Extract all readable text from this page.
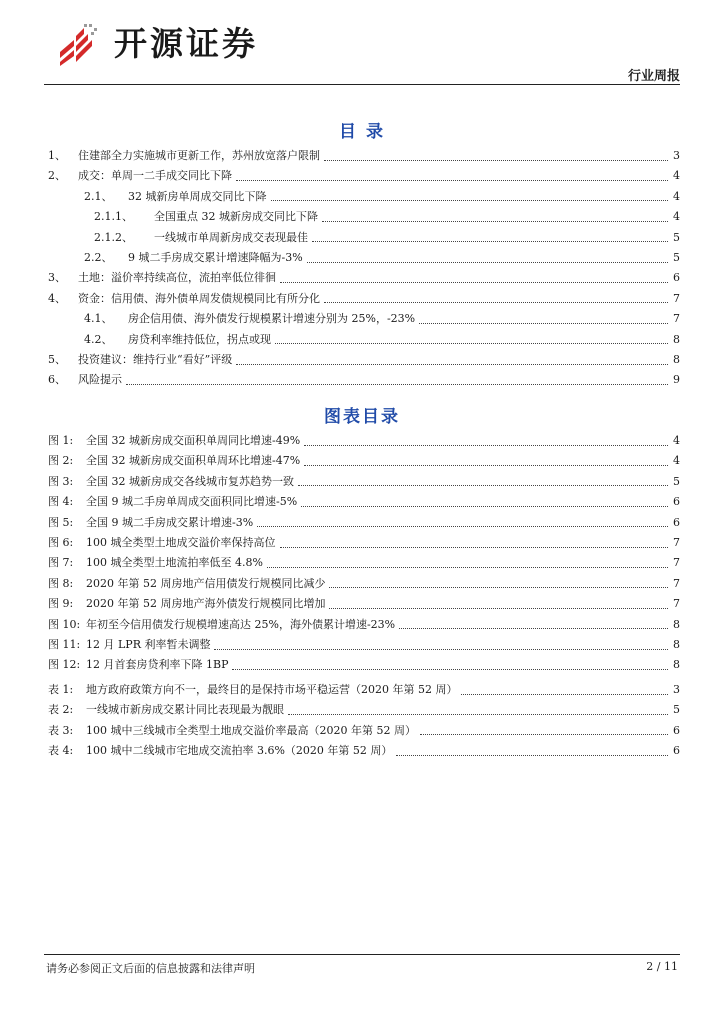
开源证券
行业周报
目 录
1、 住建部全力实施城市更新工作，苏州放宽落户限制	3
2、 成交：单周一二手成交同比下降	4
2.1、 32 城新房单周成交同比下降	4
2.1.1、 全国重点 32 城新房成交同比下降	4
2.1.2、 一线城市单周新房成交表现最佳	5
2.2、 9 城二手房成交累计增速降幅为-3%	5
3、 土地：溢价率持续高位，流拍率低位徘徊	6
4、 资金：信用债、海外债单周发债规模同比有所分化	7
4.1、 房企信用债、海外债发行规模累计增速分别为 25%，-23%	7
4.2、 房贷利率维持低位，拐点或现	8
5、 投资建议：维持行业“看好”评级	8
6、 风险提示	9
图表目录
图 1: 全国 32 城新房成交面积单周同比增速-49%	4
图 2: 全国 32 城新房成交面积单周环比增速-47%	4
图 3: 全国 32 城新房成交各线城市复苏趋势一致	5
图 4: 全国 9 城二手房单周成交面积同比增速-5%	6
图 5: 全国 9 城二手房成交累计增速-3%	6
图 6: 100 城全类型土地成交溢价率保持高位	7
图 7: 100 城全类型土地流拍率低至 4.8%	7
图 8: 2020 年第 52 周房地产信用债发行规模同比减少	7
图 9: 2020 年第 52 周房地产海外债发行规模同比增加	7
图 10: 年初至今信用债发行规模增速高达 25%，海外债累计增速-23%	8
图 11: 12 月 LPR 利率暂未调整	8
图 12: 12 月首套房贷利率下降 1BP	8
表 1: 地方政府政策方向不一，最终目的是保持市场平稳运营（2020 年第 52 周）	3
表 2: 一线城市新房成交累计同比表现最为靓眼	5
表 3: 100 城中三线城市全类型土地成交溢价率最高（2020 年第 52 周）	6
表 4: 100 城中二线城市宅地成交流拍率 3.6%（2020 年第 52 周）	6
请务必参阅正文后面的信息披露和法律声明	2 / 11
